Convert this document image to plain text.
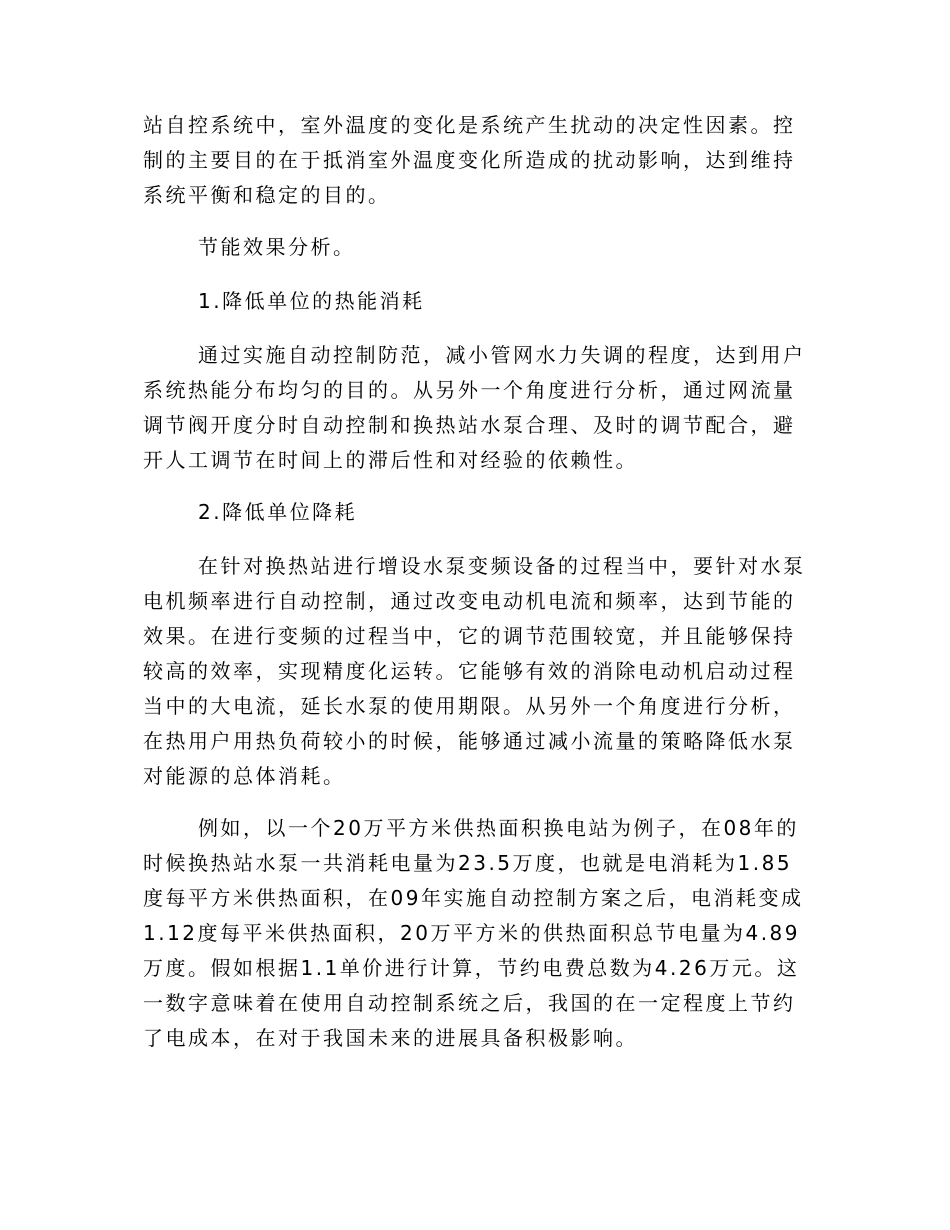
站自控系统中，室外温度的变化是系统产生扰动的决定性因素。控制的主要目的在于抵消室外温度变化所造成的扰动影响，达到维持系统平衡和稳定的目的。

节能效果分析。

1.降低单位的热能消耗

通过实施自动控制防范，减小管网水力失调的程度，达到用户系统热能分布均匀的目的。从另外一个角度进行分析，通过网流量调节阀开度分时自动控制和换热站水泵合理、及时的调节配合，避开人工调节在时间上的滞后性和对经验的依赖性。

2.降低单位降耗

在针对换热站进行增设水泵变频设备的过程当中，要针对水泵电机频率进行自动控制，通过改变电动机电流和频率，达到节能的效果。在进行变频的过程当中，它的调节范围较宽，并且能够保持较高的效率，实现精度化运转。它能够有效的消除电动机启动过程当中的大电流，延长水泵的使用期限。从另外一个角度进行分析，在热用户用热负荷较小的时候，能够通过减小流量的策略降低水泵对能源的总体消耗。

例如，以一个20万平方米供热面积换电站为例子，在08年的时候换热站水泵一共消耗电量为23.5万度，也就是电消耗为1.85度每平方米供热面积，在09年实施自动控制方案之后，电消耗变成1.12度每平米供热面积，20万平方米的供热面积总节电量为4.89万度。假如根据1.1单价进行计算，节约电费总数为4.26万元。这一数字意味着在使用自动控制系统之后，我国的在一定程度上节约了电成本，在对于我国未来的进展具备积极影响。
